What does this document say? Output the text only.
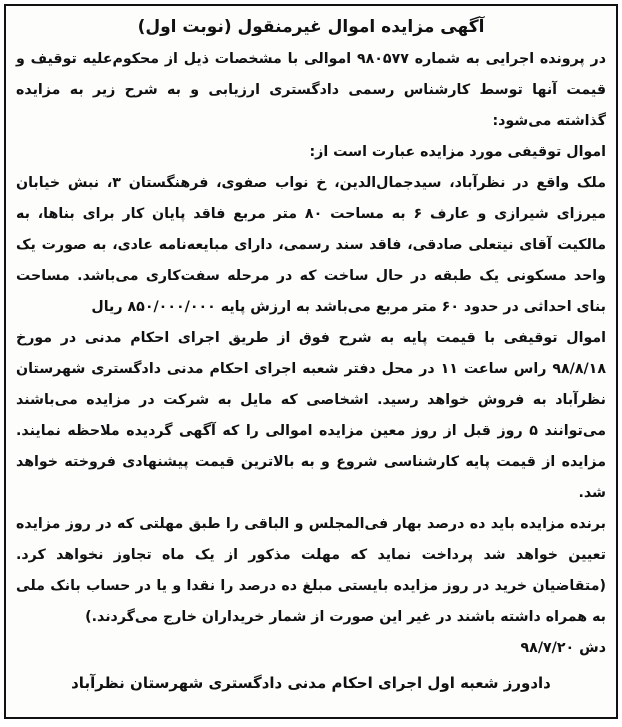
آگهی مزایده اموال غیرمنقول (نوبت اول)

در پرونده اجرایی به شماره ۹۸۰۵۷۷ اموالی با مشخصات ذیل از محکوم‌علیه توقیف و قیمت آنها توسط کارشناس رسمی دادگستری ارزیابی و به شرح زیر به مزایده گذاشته می‌شود:

اموال توقیفی مورد مزایده عبارت است از:

ملک واقع در نظرآباد، سیدجمال‌الدین، خ نواب صفوی، فرهنگستان ۳، نبش خیابان میرزای شیرازی و عارف ۶ به مساحت ۸۰ متر مربع فاقد پایان کار برای بناها، به مالکیت آقای نیتعلی صادقی، فاقد سند رسمی، دارای مبایعه‌نامه عادی، به صورت یک واحد مسکونی یک طبقه در حال ساخت که در مرحله سفت‌کاری می‌باشد. مساحت بنای احداثی در حدود ۶۰ متر مربع می‌باشد به ارزش پایه ۸۵۰/۰۰۰/۰۰۰ ریال

اموال توقیفی با قیمت پایه به شرح فوق از طریق اجرای احکام مدنی در مورخ ۹۸/۸/۱۸ راس ساعت ۱۱ در محل دفتر شعبه اجرای احکام مدنی دادگستری شهرستان نظرآباد به فروش خواهد رسید. اشخاصی که مایل به شرکت در مزایده می‌باشند می‌توانند ۵ روز قبل از روز معین مزایده اموالی را که آگهی گردیده ملاحظه نمایند. مزایده از قیمت پایه کارشناسی شروع و به بالاترین قیمت پیشنهادی فروخته خواهد شد.

برنده مزایده باید ده درصد بهار فی‌المجلس و الباقی را طبق مهلتی که در روز مزایده تعیین خواهد شد پرداخت نماید که مهلت مذکور از یک ماه تجاوز نخواهد کرد. (متقاضیان خرید در روز مزایده بایستی مبلغ ده درصد را نقدا و یا در حساب بانک ملی به همراه داشته باشند در غیر این صورت از شمار خریداران خارج می‌گردند.)

دش ۹۸/۷/۲۰

دادورز شعبه اول اجرای احکام مدنی دادگستری شهرستان نظرآباد
